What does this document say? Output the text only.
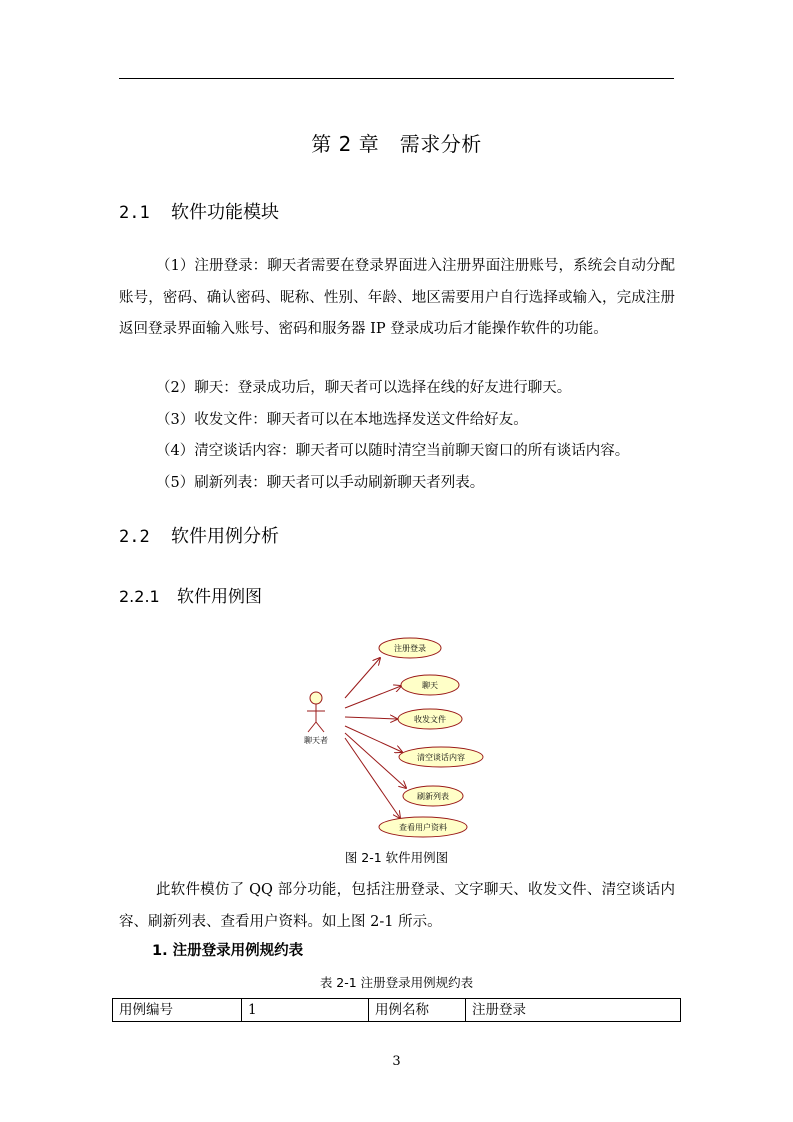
第 2 章　需求分析
2.1 软件功能模块
（1）注册登录：聊天者需要在登录界面进入注册界面注册账号，系统会自动分配账号，密码、确认密码、昵称、性别、年龄、地区需要用户自行选择或输入，完成注册返回登录界面输入账号、密码和服务器 IP 登录成功后才能操作软件的功能。
（2）聊天：登录成功后，聊天者可以选择在线的好友进行聊天。
（3）收发文件：聊天者可以在本地选择发送文件给好友。
（4）清空谈话内容：聊天者可以随时清空当前聊天窗口的所有谈话内容。
（5）刷新列表：聊天者可以手动刷新聊天者列表。
2.2 软件用例分析
2.2.1 软件用例图
聊天者
注册登录
聊天
收发文件
清空谈话内容
刷新列表
查看用户资料
图 2-1 软件用例图
此软件模仿了 QQ 部分功能，包括注册登录、文字聊天、收发文件、清空谈话内容、刷新列表、查看用户资料。如上图 2-1 所示。
1. 注册登录用例规约表
表 2-1 注册登录用例规约表
用例编号	1	用例名称	注册登录
3
